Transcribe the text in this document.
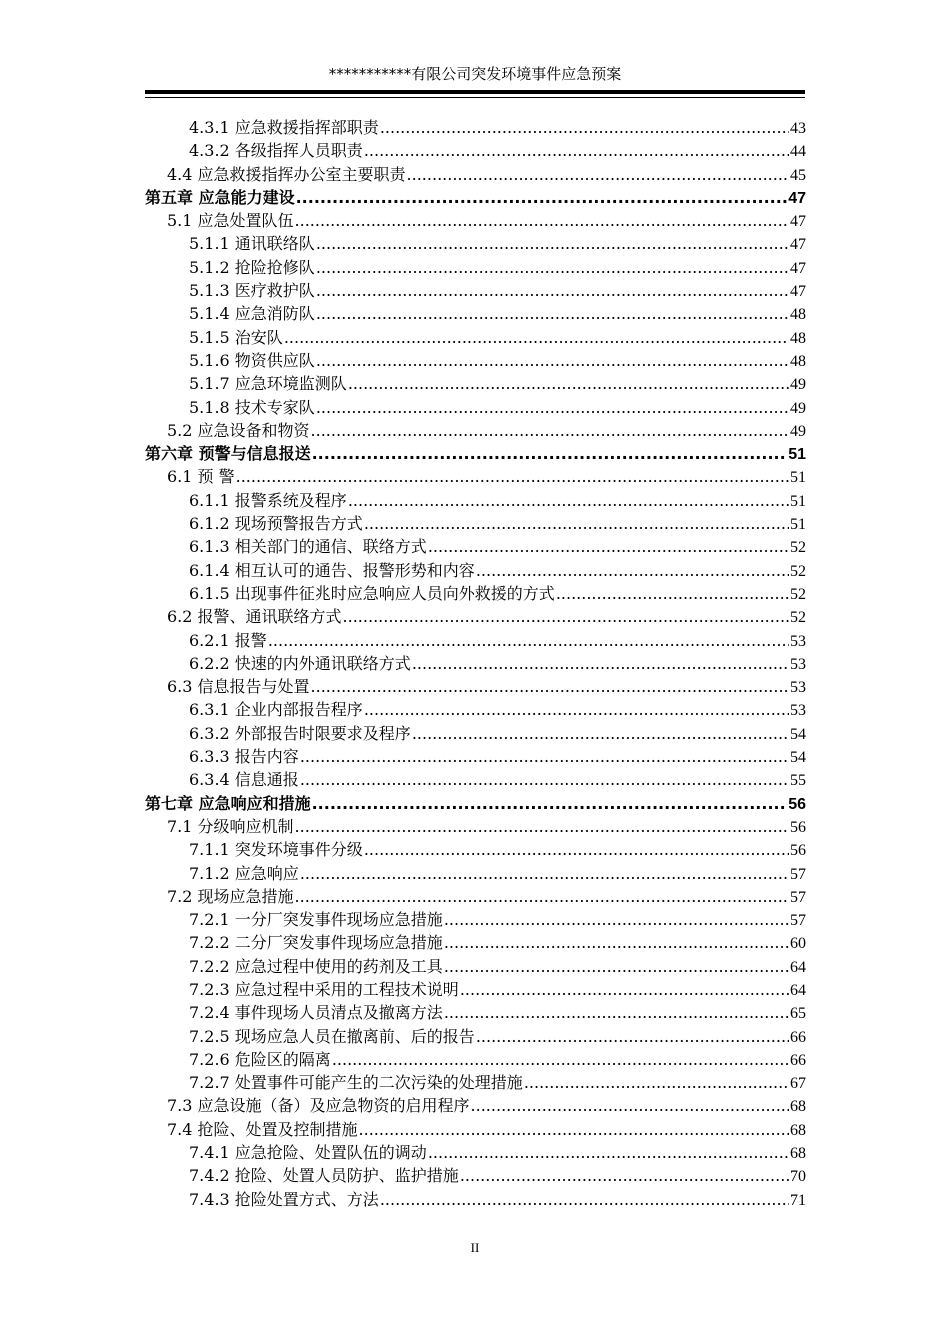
***********有限公司突发环境事件应急预案
4.3.1 应急救援指挥部职责 .....	43
4.3.2 各级指挥人员职责 .....	44
4.4 应急救援指挥办公室主要职责 .....	45
第五章 应急能力建设 .....	47
5.1 应急处置队伍 .....	47
5.1.1 通讯联络队 .....	47
5.1.2 抢险抢修队 .....	47
5.1.3 医疗救护队 .....	47
5.1.4 应急消防队 .....	48
5.1.5 治安队 .....	48
5.1.6 物资供应队 .....	48
5.1.7 应急环境监测队 .....	49
5.1.8 技术专家队 .....	49
5.2 应急设备和物资 .....	49
第六章 预警与信息报送 .....	51
6.1 预 警 .....	51
6.1.1 报警系统及程序 .....	51
6.1.2 现场预警报告方式 .....	51
6.1.3 相关部门的通信、联络方式 .....	52
6.1.4 相互认可的通告、报警形势和内容 .....	52
6.1.5 出现事件征兆时应急响应人员向外救援的方式 .....	52
6.2 报警、通讯联络方式 .....	52
6.2.1 报警 .....	53
6.2.2 快速的内外通讯联络方式 .....	53
6.3 信息报告与处置 .....	53
6.3.1 企业内部报告程序 .....	53
6.3.2 外部报告时限要求及程序 .....	54
6.3.3 报告内容 .....	54
6.3.4 信息通报 .....	55
第七章 应急响应和措施 .....	56
7.1 分级响应机制 .....	56
7.1.1 突发环境事件分级 .....	56
7.1.2 应急响应 .....	57
7.2 现场应急措施 .....	57
7.2.1 一分厂突发事件现场应急措施 .....	57
7.2.2 二分厂突发事件现场应急措施 .....	60
7.2.2 应急过程中使用的药剂及工具 .....	64
7.2.3 应急过程中采用的工程技术说明 .....	64
7.2.4 事件现场人员清点及撤离方法 .....	65
7.2.5 现场应急人员在撤离前、后的报告 .....	66
7.2.6 危险区的隔离 .....	66
7.2.7 处置事件可能产生的二次污染的处理措施 .....	67
7.3 应急设施（备）及应急物资的启用程序 .....	68
7.4 抢险、处置及控制措施 .....	68
7.4.1 应急抢险、处置队伍的调动 .....	68
7.4.2 抢险、处置人员防护、监护措施 .....	70
7.4.3 抢险处置方式、方法 .....	71
II
